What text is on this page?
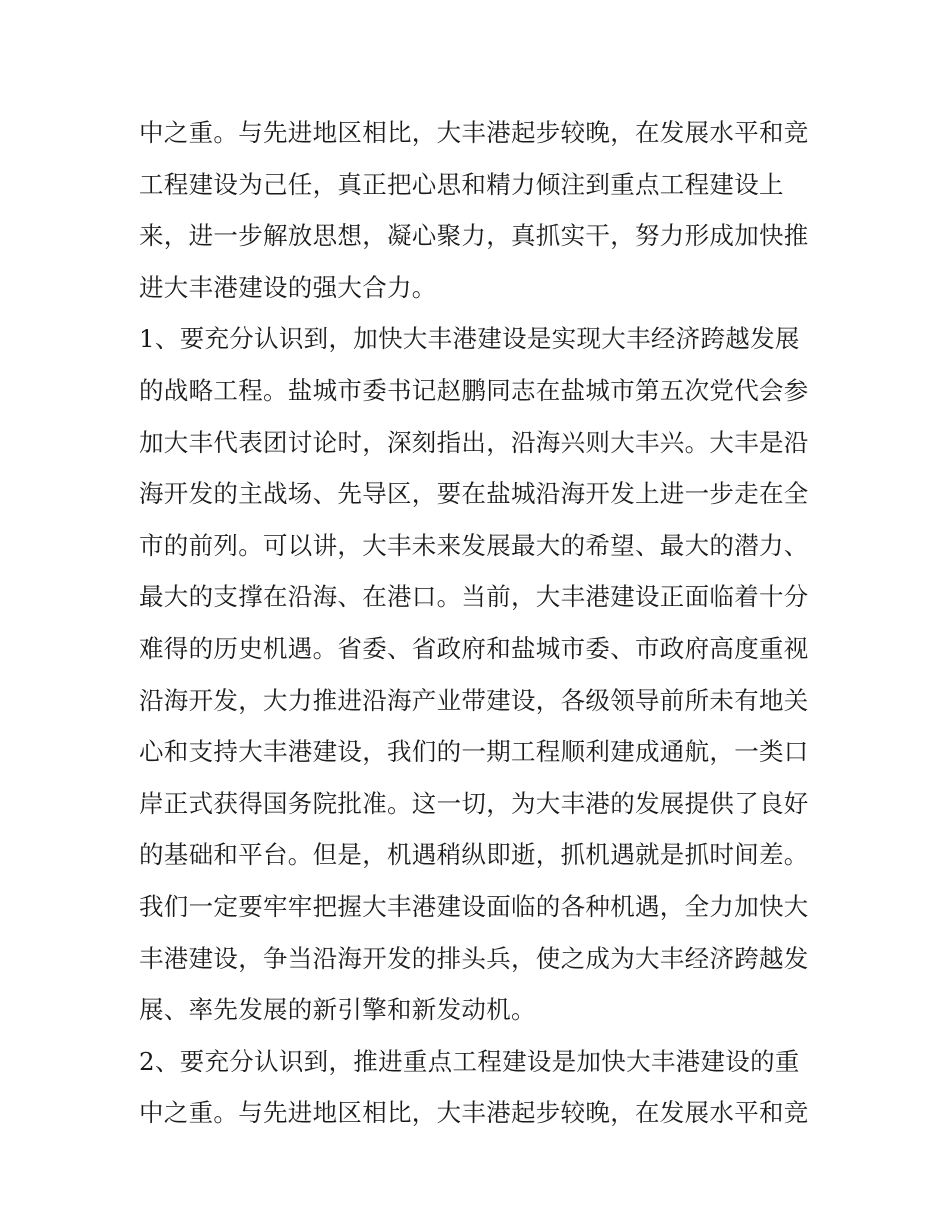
中之重。与先进地区相比，大丰港起步较晚，在发展水平和竞
工程建设为己任，真正把心思和精力倾注到重点工程建设上
来，进一步解放思想，凝心聚力，真抓实干，努力形成加快推
进大丰港建设的强大合力。
1、要充分认识到，加快大丰港建设是实现大丰经济跨越发展
的战略工程。盐城市委书记赵鹏同志在盐城市第五次党代会参
加大丰代表团讨论时，深刻指出，沿海兴则大丰兴。大丰是沿
海开发的主战场、先导区，要在盐城沿海开发上进一步走在全
市的前列。可以讲，大丰未来发展最大的希望、最大的潜力、
最大的支撑在沿海、在港口。当前，大丰港建设正面临着十分
难得的历史机遇。省委、省政府和盐城市委、市政府高度重视
沿海开发，大力推进沿海产业带建设，各级领导前所未有地关
心和支持大丰港建设，我们的一期工程顺利建成通航，一类口
岸正式获得国务院批准。这一切，为大丰港的发展提供了良好
的基础和平台。但是，机遇稍纵即逝，抓机遇就是抓时间差。
我们一定要牢牢把握大丰港建设面临的各种机遇，全力加快大
丰港建设，争当沿海开发的排头兵，使之成为大丰经济跨越发
展、率先发展的新引擎和新发动机。
2、要充分认识到，推进重点工程建设是加快大丰港建设的重
中之重。与先进地区相比，大丰港起步较晚，在发展水平和竞
